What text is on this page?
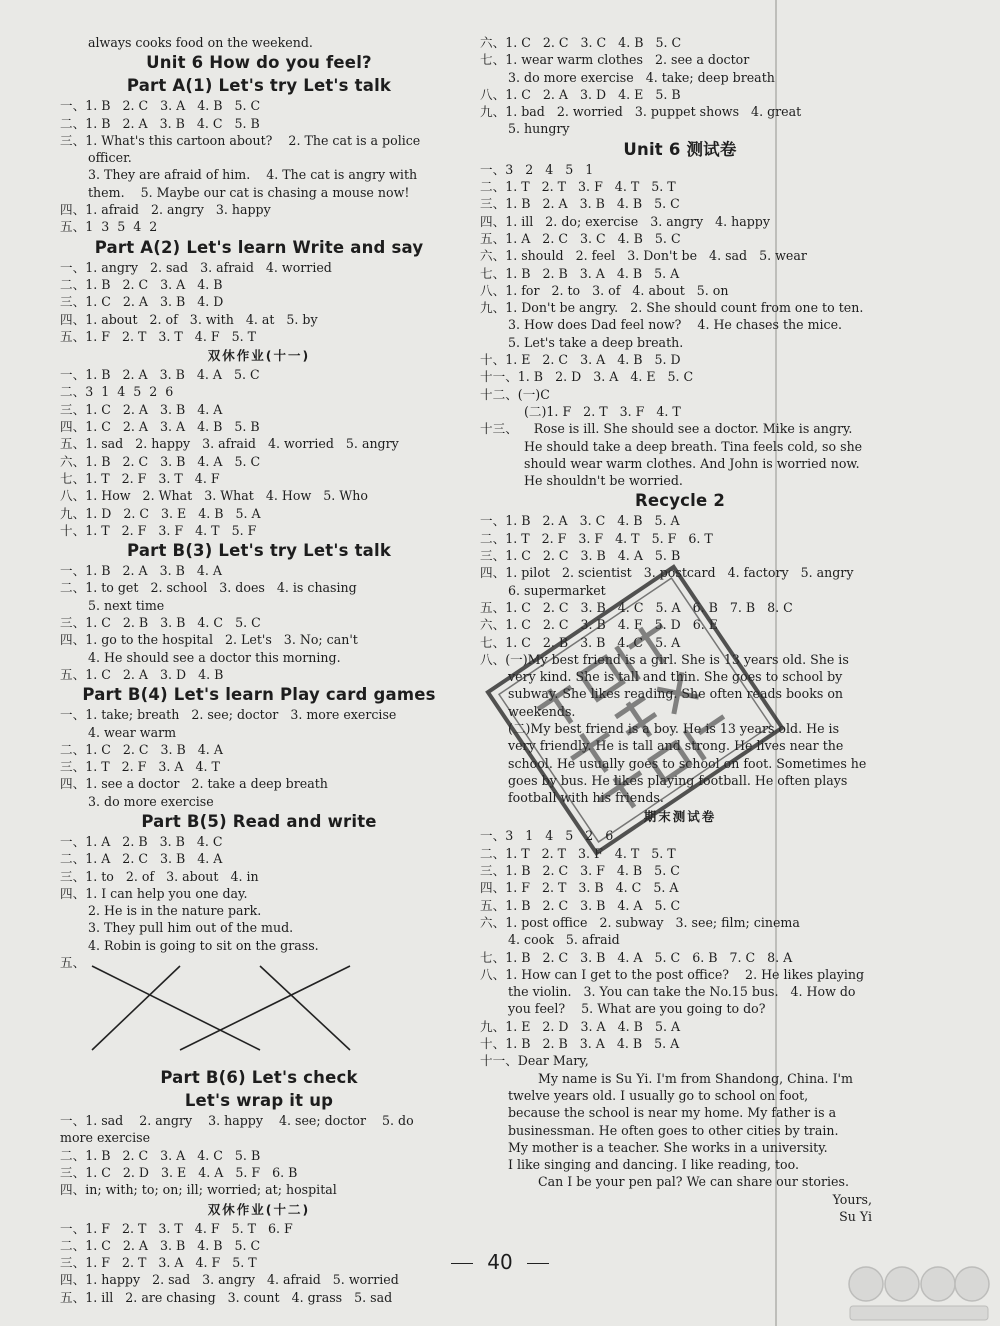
always cooks food on the weekend.
Unit 6 How do you feel?
Part A(1) Let's try Let's talk
一、1. B   2. C   3. A   4. B   5. C
二、1. B   2. A   3. B   4. C   5. B
三、1. What's this cartoon about?    2. The cat is a police
officer.
3. They are afraid of him.    4. The cat is angry with
them.    5. Maybe our cat is chasing a mouse now!
四、1. afraid   2. angry   3. happy
五、1  3  5  4  2
Part A(2) Let's learn Write and say
一、1. angry   2. sad   3. afraid   4. worried
二、1. B   2. C   3. A   4. B
三、1. C   2. A   3. B   4. D
四、1. about   2. of   3. with   4. at   5. by
五、1. F   2. T   3. T   4. F   5. T
双休作业(十一)
一、1. B   2. A   3. B   4. A   5. C
二、3  1  4  5  2  6
三、1. C   2. A   3. B   4. A
四、1. C   2. A   3. A   4. B   5. B
五、1. sad   2. happy   3. afraid   4. worried   5. angry
六、1. B   2. C   3. B   4. A   5. C
七、1. T   2. F   3. T   4. F
八、1. How   2. What   3. What   4. How   5. Who
九、1. D   2. C   3. E   4. B   5. A
十、1. T   2. F   3. F   4. T   5. F
Part B(3) Let's try Let's talk
一、1. B   2. A   3. B   4. A
二、1. to get   2. school   3. does   4. is chasing
5. next time
三、1. C   2. B   3. B   4. C   5. C
四、1. go to the hospital   2. Let's   3. No; can't
4. He should see a doctor this morning.
五、1. C   2. A   3. D   4. B
Part B(4) Let's learn Play card games
一、1. take; breath   2. see; doctor   3. more exercise
4. wear warm
二、1. C   2. C   3. B   4. A
三、1. T   2. F   3. A   4. T
四、1. see a doctor   2. take a deep breath
3. do more exercise
Part B(5) Read and write
一、1. A   2. B   3. B   4. C
二、1. A   2. C   3. B   4. A
三、1. to   2. of   3. about   4. in
四、1. I can help you one day.
2. He is in the nature park.
3. They pull him out of the mud.
4. Robin is going to sit on the grass.
五、
Part B(6) Let's check
Let's wrap it up
一、1. sad    2. angry    3. happy    4. see; doctor    5. do
more exercise
二、1. B   2. C   3. A   4. C   5. B
三、1. C   2. D   3. E   4. A   5. F   6. B
四、in; with; to; on; ill; worried; at; hospital
双休作业(十二)
一、1. F   2. T   3. T   4. F   5. T   6. F
二、1. C   2. A   3. B   4. B   5. C
三、1. F   2. T   3. A   4. F   5. T
四、1. happy   2. sad   3. angry   4. afraid   5. worried
五、1. ill   2. are chasing   3. count   4. grass   5. sad
六、1. C   2. C   3. C   4. B   5. C
七、1. wear warm clothes   2. see a doctor
3. do more exercise   4. take; deep breath
八、1. C   2. A   3. D   4. E   5. B
九、1. bad   2. worried   3. puppet shows   4. great
5. hungry
Unit 6 测试卷
一、3   2   4   5   1
二、1. T   2. T   3. F   4. T   5. T
三、1. B   2. A   3. B   4. B   5. C
四、1. ill   2. do; exercise   3. angry   4. happy
五、1. A   2. C   3. C   4. B   5. C
六、1. should   2. feel   3. Don't be   4. sad   5. wear
七、1. B   2. B   3. A   4. B   5. A
八、1. for   2. to   3. of   4. about   5. on
九、1. Don't be angry.   2. She should count from one to ten.
3. How does Dad feel now?    4. He chases the mice.
5. Let's take a deep breath.
十、1. E   2. C   3. A   4. B   5. D
十一、1. B   2. D   3. A   4. E   5. C
十二、(一)C
(二)1. F   2. T   3. F   4. T
十三、    Rose is ill. She should see a doctor. Mike is angry.
He should take a deep breath. Tina feels cold, so she
should wear warm clothes. And John is worried now.
He shouldn't be worried.
Recycle 2
一、1. B   2. A   3. C   4. B   5. A
二、1. T   2. F   3. F   4. T   5. F   6. T
三、1. C   2. C   3. B   4. A   5. B
四、1. pilot   2. scientist   3. postcard   4. factory   5. angry
6. supermarket
五、1. C   2. C   3. B   4. C   5. A   6. B   7. B   8. C
六、1. C   2. C   3. B   4. F   5. D   6. E
七、1. C   2. B   3. B   4. C   5. A
八、(一)My best friend is a girl. She is 13 years old. She is
very kind. She is tall and thin. She goes to school by
subway. She likes reading. She often reads books on
weekends.
(二)My best friend is a boy. He is 13 years old. He is
very friendly. He is tall and strong. He lives near the
school. He usually goes to school on foot. Sometimes he
goes by bus. He likes playing football. He often plays
football with his friends.
期末测试卷
一、3   1   4   5   2   6
二、1. T   2. T   3. F   4. T   5. T
三、1. B   2. C   3. F   4. B   5. C
四、1. F   2. T   3. B   4. C   5. A
五、1. B   2. C   3. B   4. A   5. C
六、1. post office   2. subway   3. see; film; cinema
4. cook   5. afraid
七、1. B   2. C   3. B   4. A   5. C   6. B   7. C   8. A
八、1. How can I get to the post office?    2. He likes playing
the violin.   3. You can take the No.15 bus.   4. How do
you feel?    5. What are you going to do?
九、1. E   2. D   3. A   4. B   5. A
十、1. B   2. B   3. A   4. B   5. A
十一、Dear Mary,
My name is Su Yi. I'm from Shandong, China. I'm
twelve years old. I usually go to school on foot,
because the school is near my home. My father is a
businessman. He often goes to other cities by train.
My mother is a teacher. She works in a university.
I like singing and dancing. I like reading, too.
Can I be your pen pal? We can share our stories.
Yours,
Su Yi
40
